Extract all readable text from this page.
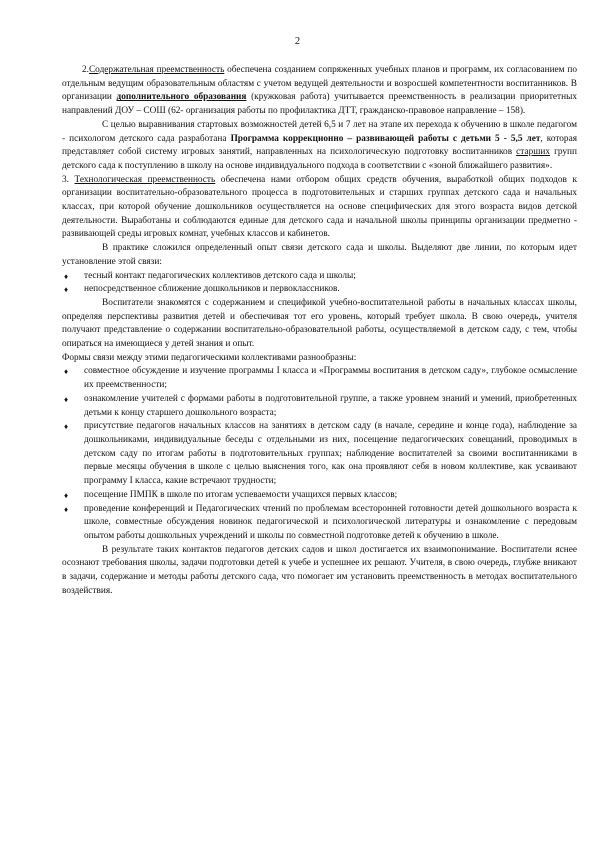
2

2.Содержательная преемственность обеспечена созданием сопряженных учебных планов и программ, их согласованием по отдельным ведущим образовательным областям с учетом ведущей деятельности и возросшей компетентности воспитанников. В организации дополнительного образования (кружковая работа) учитывается преемственность в реализации приоритетных направлений ДОУ – СОШ (62- организация работы по профилактика ДТТ, гражданско-правовое направление – 158).

С целью выравнивания стартовых возможностей детей 6,5 и 7 лет на этапе их перехода к обучению в школе педагогом - психологом детского сада разработана Программа коррекционно – развивающей работы с детьми 5 - 5,5 лет, которая представляет собой систему игровых занятий, направленных на психологическую подготовку воспитанников старших групп детского сада к поступлению в школу на основе индивидуального подхода в соответствии с «зоной ближайшего развития».

3. Технологическая преемственность обеспечена нами отбором общих средств обучения, выработкой общих подходов к организации воспитательно-образовательного процесса в подготовительных и старших группах детского сада и начальных классах, при которой обучение дошкольников осуществляется на основе специфических для этого возраста видов детской деятельности. Выработаны и соблюдаются единые для детского сада и начальной школы принципы организации предметно - развивающей среды игровых комнат, учебных классов и кабинетов.

В практике сложился определенный опыт связи детского сада и школы. Выделяют две линии, по которым идет установление этой связи:

♦ тесный контакт педагогических коллективов детского сада и школы;
♦ непосредственное сближение дошкольников и первоклассников.

Воспитатели знакомятся с содержанием и спецификой учебно-воспитательной работы в начальных классах школы, определяя перспективы развития детей и обеспечивая тот его уровень, который требует школа. В свою очередь, учителя получают представление о содержании воспитательно-образовательной работы, осуществляемой в детском саду, с тем, чтобы опираться на имеющиеся у детей знания и опыт.

Формы связи между этими педагогическими коллективами разнообразны:

♦ совместное обсуждение и изучение программы I класса и «Программы воспитания в детском саду», глубокое осмысление их преемственности;
♦ ознакомление учителей с формами работы в подготовительной группе, а также уровнем знаний и умений, приобретенных детьми к концу старшего дошкольного возраста;
♦ присутствие педагогов начальных классов на занятиях в детском саду (в начале, середине и конце года), наблюдение за дошкольниками, индивидуальные беседы с отдельными из них, посещение педагогических совещаний, проводимых в детском саду по итогам работы в подготовительных группах; наблюдение воспитателей за своими воспитанниками в первые месяцы обучения в школе с целью выяснения того, как она проявляют себя в новом коллективе, как усваивают программу I класса, какие встречают трудности;
♦ посещение ПМПК в школе по итогам успеваемости учащихся первых классов;
♦ проведение конференций и Педагогических чтений по проблемам всесторонней готовности детей дошкольного возраста к школе, совместные обсуждения новинок педагогической и психологической литературы и ознакомление с передовым опытом работы дошкольных учреждений и школы по совместной подготовке детей к обучению в школе.

В результате таких контактов педагогов детских садов и школ достигается их взаимопонимание. Воспитатели яснее осознают требования школы, задачи подготовки детей к учебе и успешнее их решают. Учителя, в свою очередь, глубже вникают в задачи, содержание и методы работы детского сада, что помогает им установить преемственность в методах воспитательного воздействия.
